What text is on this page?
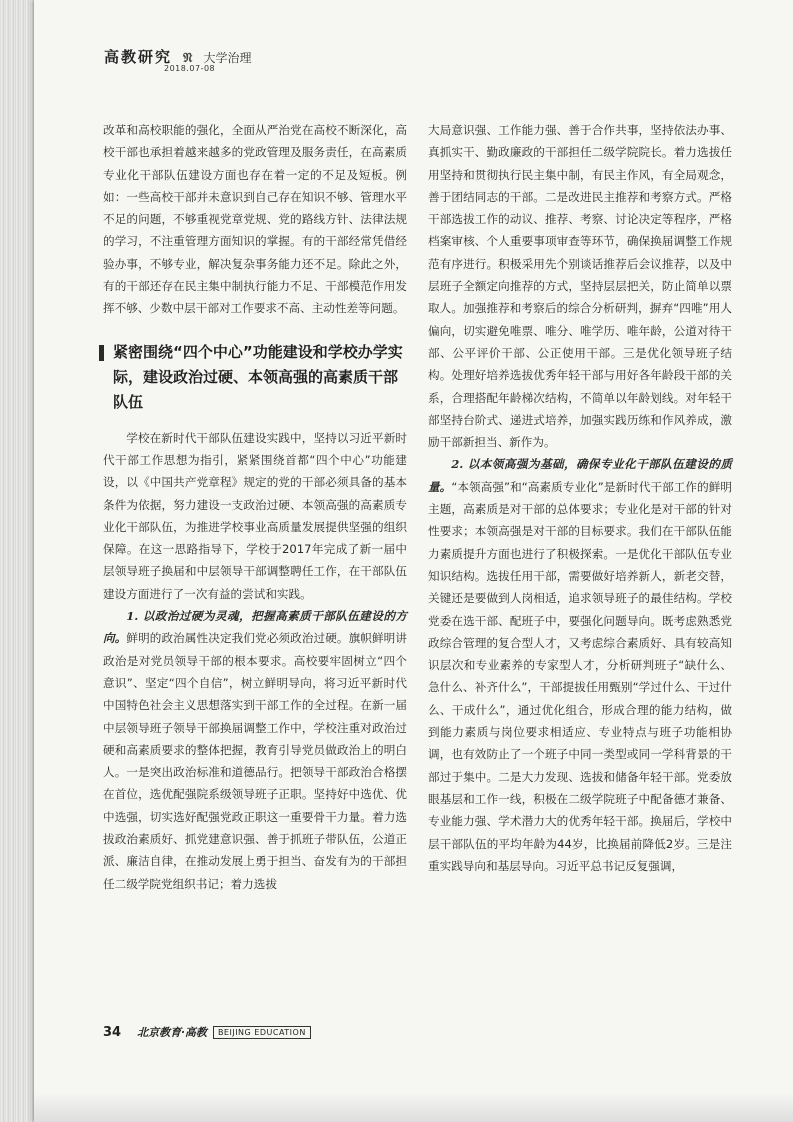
高教研究 𝔑 大学治理
2018.07-08

改革和高校职能的强化，全面从严治党在高校不断深化，高校干部也承担着越来越多的党政管理及服务责任，在高素质专业化干部队伍建设方面也存在着一定的不足及短板。例如：一些高校干部并未意识到自己存在知识不够、管理水平不足的问题，不够重视党章党规、党的路线方针、法律法规的学习，不注重管理方面知识的掌握。有的干部经常凭借经验办事，不够专业，解决复杂事务能力还不足。除此之外，有的干部还存在民主集中制执行能力不足、干部模范作用发挥不够、少数中层干部对工作要求不高、主动性差等问题。

紧密围绕“四个中心”功能建设和学校办学实际，建设政治过硬、本领高强的高素质干部队伍

学校在新时代干部队伍建设实践中，坚持以习近平新时代干部工作思想为指引，紧紧围绕首都“四个中心”功能建设，以《中国共产党章程》规定的党的干部必须具备的基本条件为依据，努力建设一支政治过硬、本领高强的高素质专业化干部队伍，为推进学校事业高质量发展提供坚强的组织保障。在这一思路指导下，学校于2017年完成了新一届中层领导班子换届和中层领导干部调整聘任工作，在干部队伍建设方面进行了一次有益的尝试和实践。

1. 以政治过硬为灵魂，把握高素质干部队伍建设的方向。鲜明的政治属性决定我们党必须政治过硬。旗帜鲜明讲政治是对党员领导干部的根本要求。高校要牢固树立“四个意识”、坚定“四个自信”，树立鲜明导向，将习近平新时代中国特色社会主义思想落实到干部工作的全过程。在新一届中层领导班子领导干部换届调整工作中，学校注重对政治过硬和高素质要求的整体把握，教育引导党员做政治上的明白人。一是突出政治标准和道德品行。把领导干部政治合格摆在首位，选优配强院系级领导班子正职。坚持好中选优、优中选强，切实选好配强党政正职这一重要骨干力量。着力选拔政治素质好、抓党建意识强、善于抓班子带队伍，公道正派、廉洁自律，在推动发展上勇于担当、奋发有为的干部担任二级学院党组织书记；着力选拔

大局意识强、工作能力强、善于合作共事，坚持依法办事、真抓实干、勤政廉政的干部担任二级学院院长。着力选拔任用坚持和贯彻执行民主集中制，有民主作风，有全局观念，善于团结同志的干部。二是改进民主推荐和考察方式。严格干部选拔工作的动议、推荐、考察、讨论决定等程序，严格档案审核、个人重要事项审查等环节，确保换届调整工作规范有序进行。积极采用先个别谈话推荐后会议推荐，以及中层班子全额定向推荐的方式，坚持层层把关，防止简单以票取人。加强推荐和考察后的综合分析研判，摒弃“四唯”用人偏向，切实避免唯票、唯分、唯学历、唯年龄，公道对待干部、公平评价干部、公正使用干部。三是优化领导班子结构。处理好培养选拔优秀年轻干部与用好各年龄段干部的关系，合理搭配年龄梯次结构，不简单以年龄划线。对年轻干部坚持台阶式、递进式培养，加强实践历练和作风养成，激励干部新担当、新作为。

2. 以本领高强为基础，确保专业化干部队伍建设的质量。“本领高强”和“高素质专业化”是新时代干部工作的鲜明主题，高素质是对干部的总体要求；专业化是对干部的针对性要求；本领高强是对干部的目标要求。我们在干部队伍能力素质提升方面也进行了积极探索。一是优化干部队伍专业知识结构。选拔任用干部，需要做好培养新人，新老交替，关键还是要做到人岗相适，追求领导班子的最佳结构。学校党委在选干部、配班子中，要强化问题导向。既考虑熟悉党政综合管理的复合型人才，又考虑综合素质好、具有较高知识层次和专业素养的专家型人才，分析研判班子“缺什么、急什么、补齐什么”，干部提拔任用甄别“学过什么、干过什么、干成什么”，通过优化组合，形成合理的能力结构，做到能力素质与岗位要求相适应、专业特点与班子功能相协调，也有效防止了一个班子中同一类型或同一学科背景的干部过于集中。二是大力发现、选拔和储备年轻干部。党委放眼基层和工作一线，积极在二级学院班子中配备德才兼备、专业能力强、学术潜力大的优秀年轻干部。换届后，学校中层干部队伍的平均年龄为44岁，比换届前降低2岁。三是注重实践导向和基层导向。习近平总书记反复强调，

34 北京教育·高教	BEIJING EDUCATION
